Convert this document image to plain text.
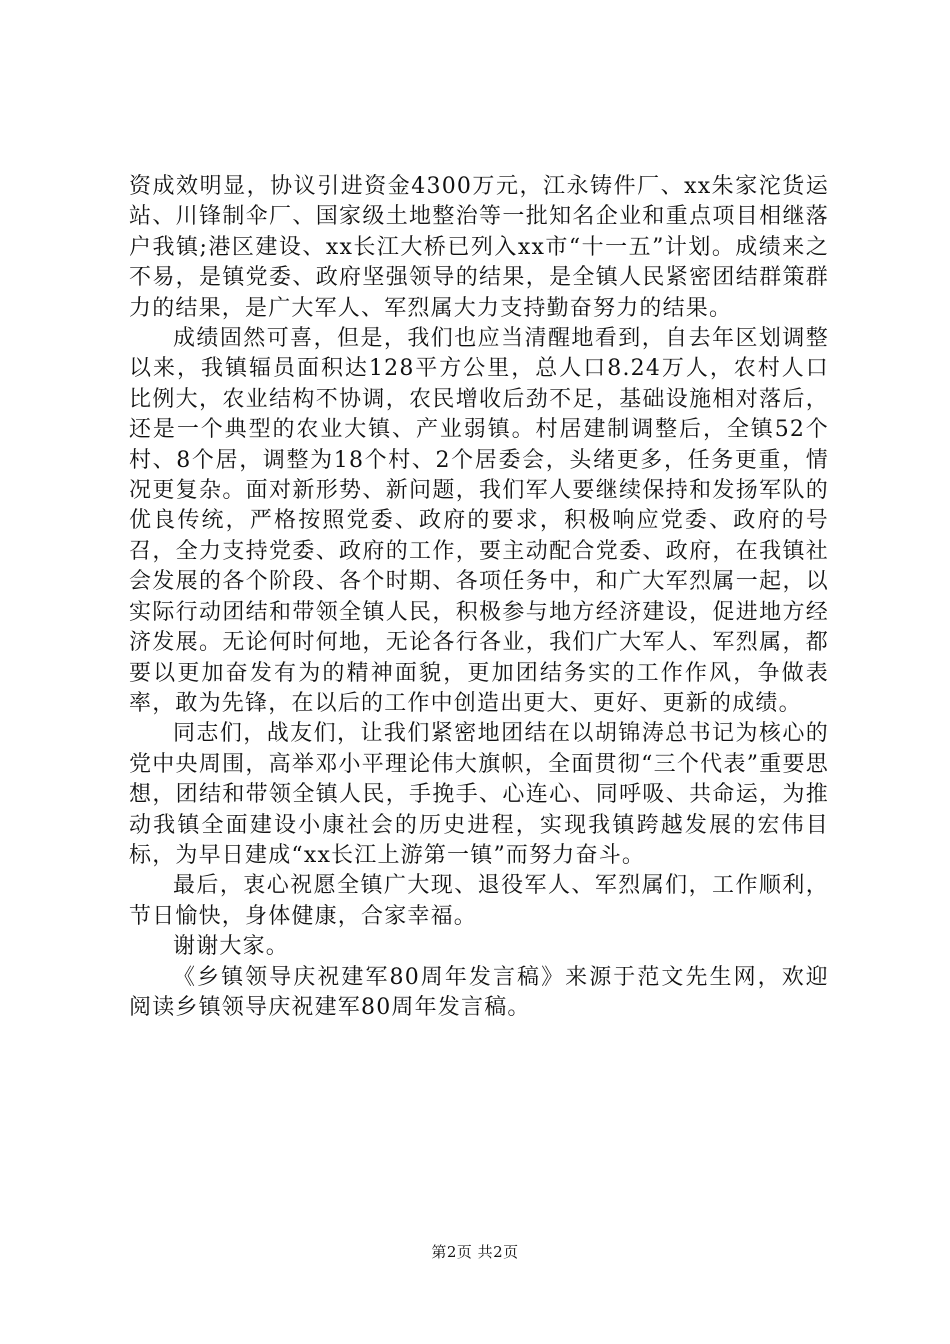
资成效明显，协议引进资金4300万元，江永铸件厂、xx朱家沱货运站、川锋制伞厂、国家级土地整治等一批知名企业和重点项目相继落户我镇;港区建设、xx长江大桥已列入xx市“十一五”计划。成绩来之不易，是镇党委、政府坚强领导的结果，是全镇人民紧密团结群策群力的结果，是广大军人、军烈属大力支持勤奋努力的结果。

成绩固然可喜，但是，我们也应当清醒地看到，自去年区划调整以来，我镇辐员面积达128平方公里，总人口8.24万人，农村人口比例大，农业结构不协调，农民增收后劲不足，基础设施相对落后，还是一个典型的农业大镇、产业弱镇。村居建制调整后，全镇52个村、8个居，调整为18个村、2个居委会，头绪更多，任务更重，情况更复杂。面对新形势、新问题，我们军人要继续保持和发扬军队的优良传统，严格按照党委、政府的要求，积极响应党委、政府的号召，全力支持党委、政府的工作，要主动配合党委、政府，在我镇社会发展的各个阶段、各个时期、各项任务中，和广大军烈属一起，以实际行动团结和带领全镇人民，积极参与地方经济建设，促进地方经济发展。无论何时何地，无论各行各业，我们广大军人、军烈属，都要以更加奋发有为的精神面貌，更加团结务实的工作作风，争做表率，敢为先锋，在以后的工作中创造出更大、更好、更新的成绩。

同志们，战友们，让我们紧密地团结在以胡锦涛总书记为核心的党中央周围，高举邓小平理论伟大旗帜，全面贯彻“三个代表”重要思想，团结和带领全镇人民，手挽手、心连心、同呼吸、共命运，为推动我镇全面建设小康社会的历史进程，实现我镇跨越发展的宏伟目标，为早日建成“xx长江上游第一镇”而努力奋斗。

最后，衷心祝愿全镇广大现、退役军人、军烈属们，工作顺利，节日愉快，身体健康，合家幸福。

谢谢大家。

《乡镇领导庆祝建军80周年发言稿》来源于范文先生网，欢迎阅读乡镇领导庆祝建军80周年发言稿。

第2页 共2页
